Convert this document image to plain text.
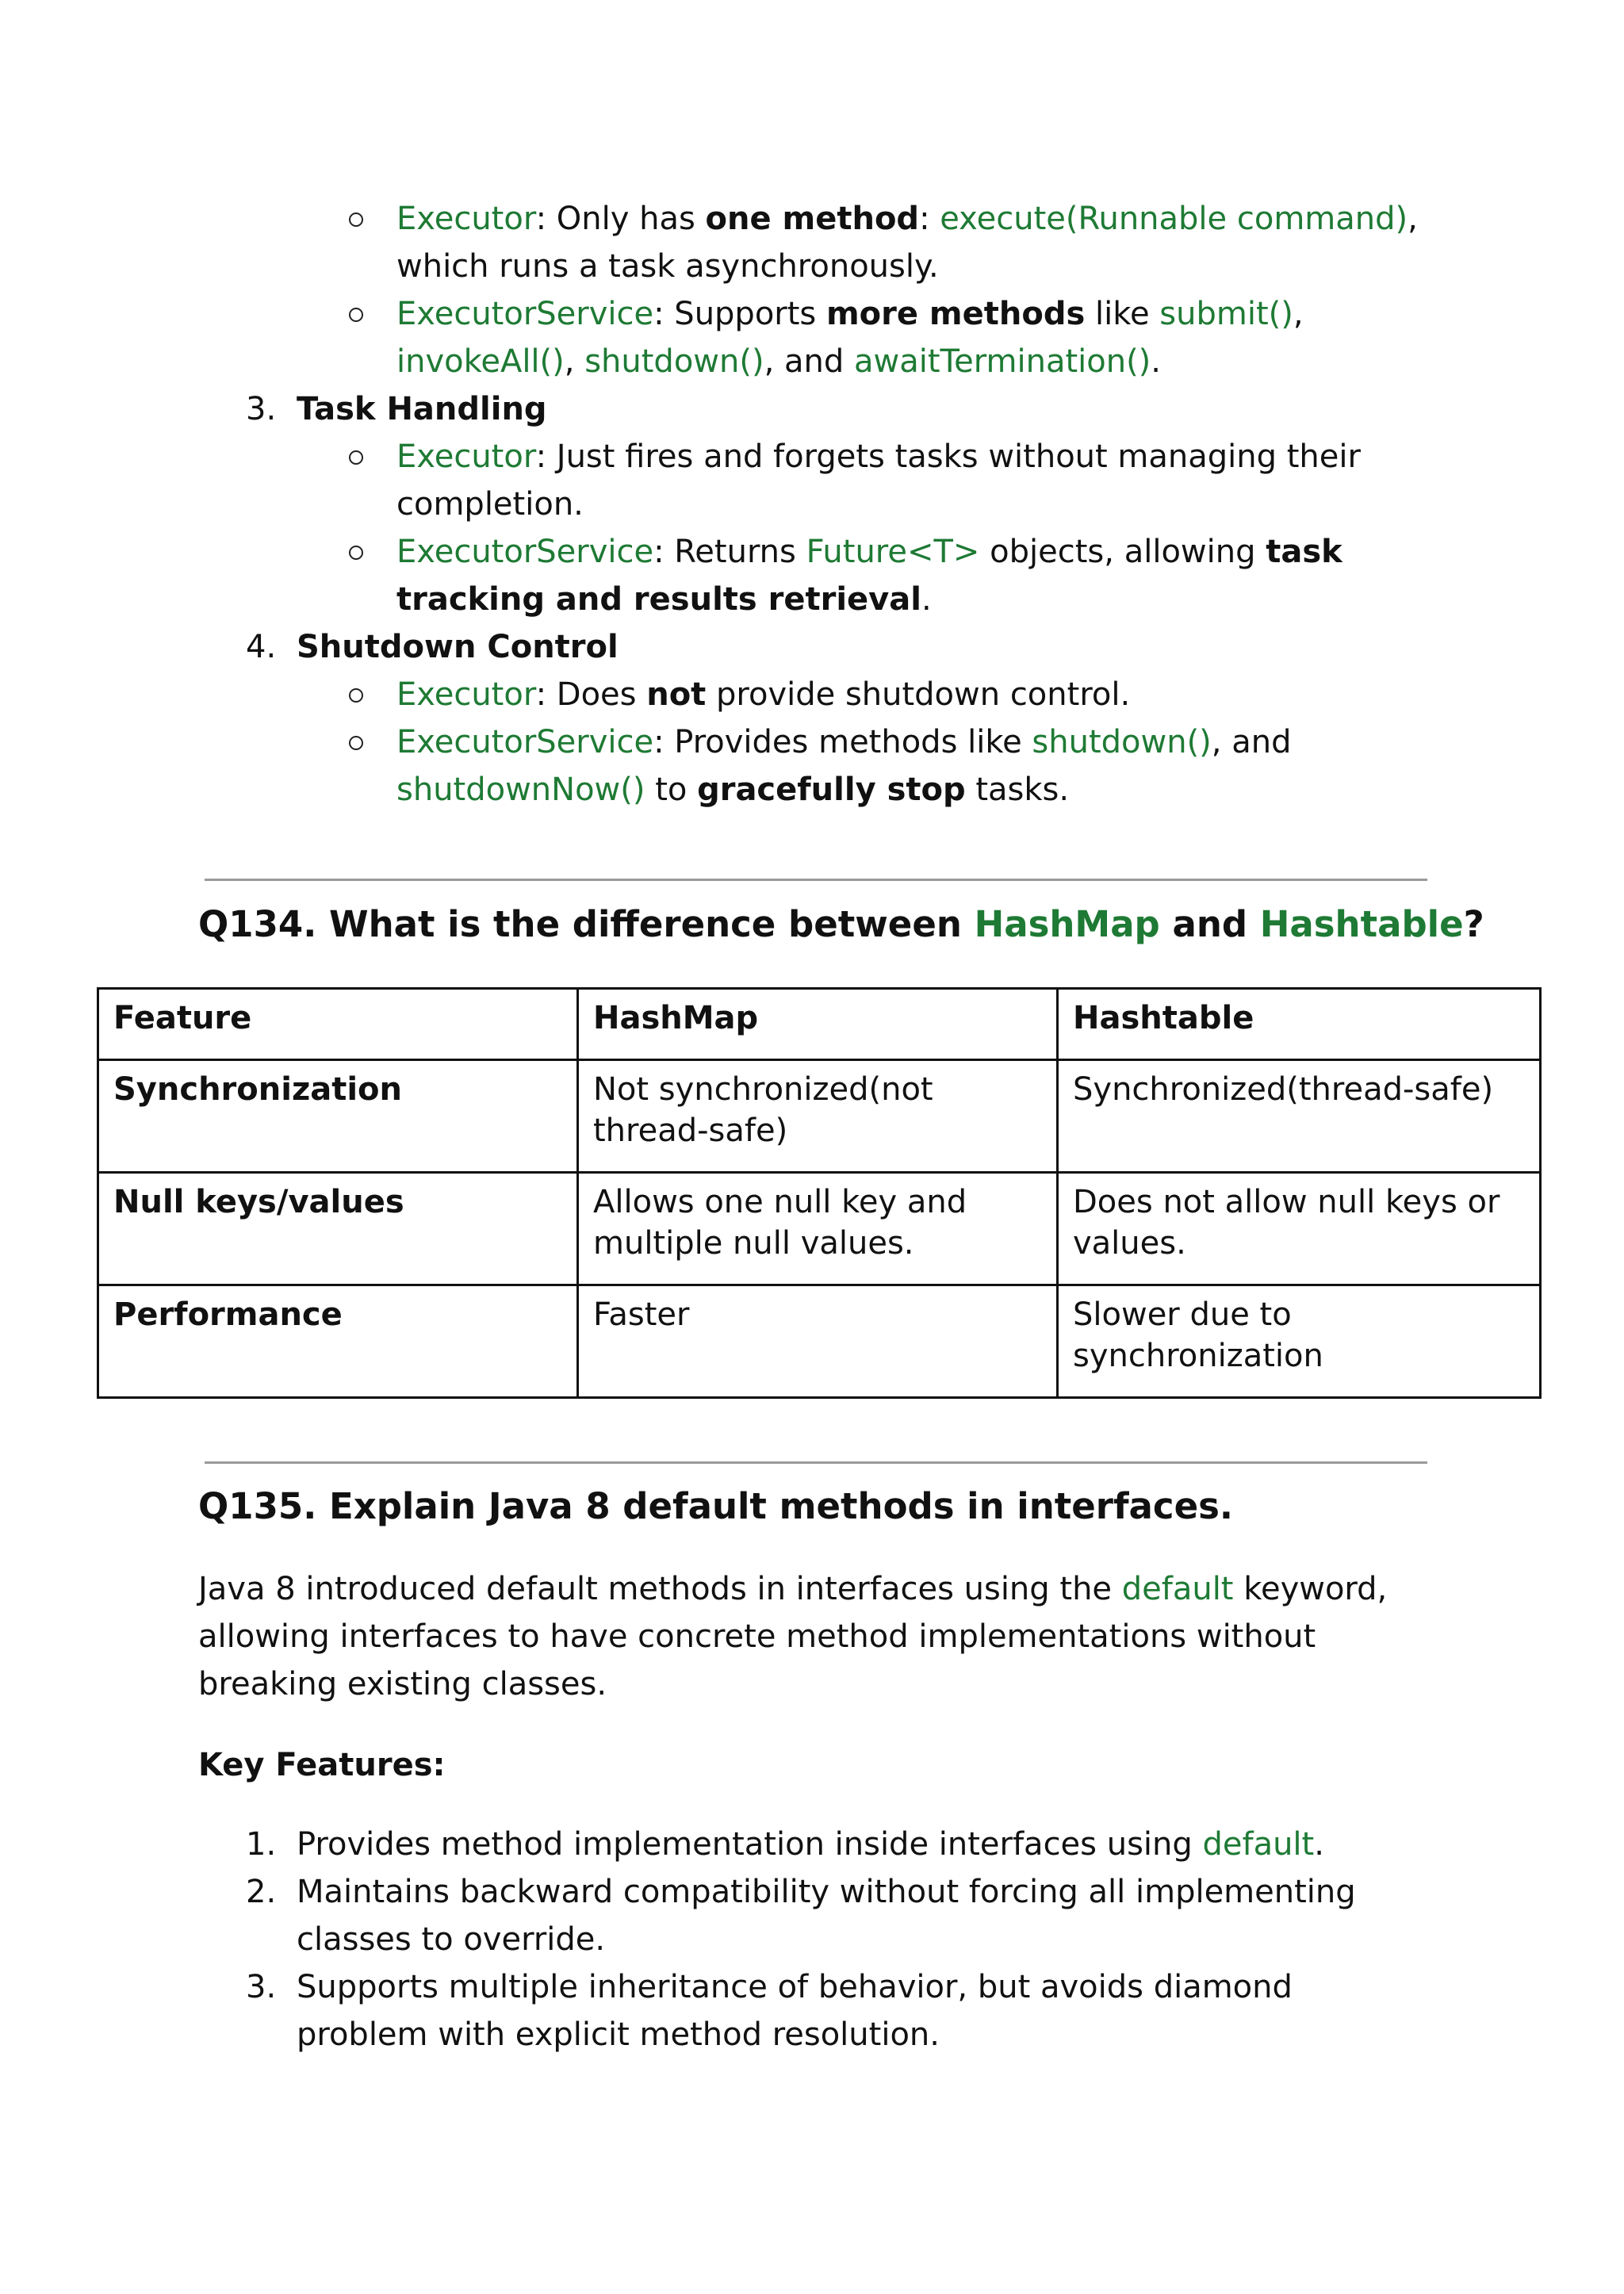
Executor: Only has one method: execute(Runnable command),
which runs a task asynchronously.
ExecutorService: Supports more methods like submit(),
invokeAll(), shutdown(), and awaitTermination().
3. Task Handling
Executor: Just fires and forgets tasks without managing their
completion.
ExecutorService: Returns Future<T> objects, allowing task
tracking and results retrieval.
4. Shutdown Control
Executor: Does not provide shutdown control.
ExecutorService: Provides methods like shutdown(), and
shutdownNow() to gracefully stop tasks.
Q134. What is the difference between HashMap and Hashtable?
Feature	HashMap	Hashtable
Synchronization	Not synchronized(not thread-safe)	Synchronized(thread-safe)
Null keys/values	Allows one null key and multiple null values.	Does not allow null keys or values.
Performance	Faster	Slower due to synchronization
Q135. Explain Java 8 default methods in interfaces.
Java 8 introduced default methods in interfaces using the default keyword,
allowing interfaces to have concrete method implementations without
breaking existing classes.
Key Features:
1. Provides method implementation inside interfaces using default.
2. Maintains backward compatibility without forcing all implementing
classes to override.
3. Supports multiple inheritance of behavior, but avoids diamond
problem with explicit method resolution.
